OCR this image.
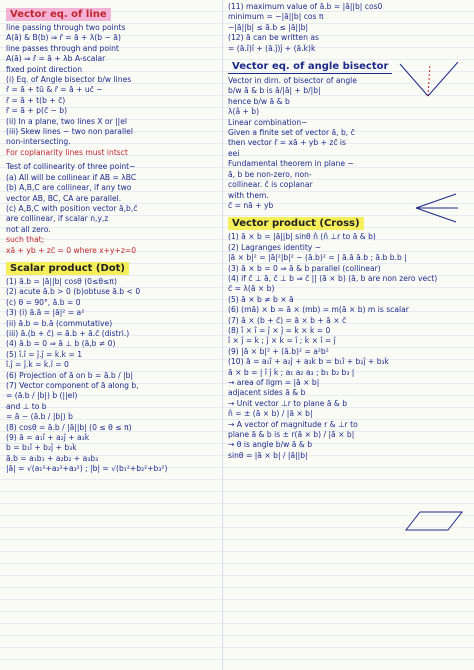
Vector eq. of line
line passing through two points
A(ā) & B(b̄) ⇒ r̄ = ā + λ(b̄ − ā)
line passes through and point
A(ā) ⇒ r̄ = ā + λb̄ A-scalar
fixed point direction
(i) Eq. of Angle bisector b/w lines
r̄ = ā + tū & r̄ = ā + uc̄ −
r̄ = ā + t(b̄ + c̄)
r̄ = ā + p(c̄ − b̄)
(ii) In a plane, two lines X or ||el
(iii) Skew lines − two non parallel
non-intersecting.
For coplanarity lines must intsct
Test of collinearity of three point−
(a) All will be collinear if AB = λBC
(b) A,B,C are collinear, if any two
vector AB, BC, CA are parallel.
(c) A,B,C with position vector ā,b̄,c̄
are collinear, if scalar n,y,z
not all zero.
such that;
xā + yb̄ + zc̄ = 0 where x+y+z=0
Scalar product (Dot)
(1) ā.b̄ = |ā||b̄| cosθ (0≤θ≤π)
(2) acute ā.b̄ > 0 (b)obtuse ā.b̄ < 0
(c) θ = 90°, ā.b̄ = 0
(3) (i) ā.ā = |ā|² = a²
(ii) ā.b̄ = b̄.ā (commutative)
(iii) ā.(b̄ + c̄) = ā.b̄ + ā.c̄ (distri.)
(4) ā.b̄ = 0 ⇒ ā ⊥ b̄ (ā,b̄ ≠ 0)
(5) î.î = ĵ.ĵ = k̂.k̂ = 1
î.ĵ = ĵ.k̂ = k̂.î = 0
(6) Projection of ā on b̄ = ā.b̄ / |b̄|
(7) Vector component of ā along b̄,
= (ā.b̄ / |b̄|) b̂ (||el)
and ⊥ to b̄
= ā − (ā.b̄ / |b̄|) b̂
(8) cosθ = ā.b̄ / |ā||b̄| (0 ≤ θ ≤ π)
(9) ā = a₁î + a₂ĵ + a₃k̂
b̄ = b₁î + b₂ĵ + b₃k̂
ā.b̄ = a₁b₁ + a₂b₂ + a₃b₃
|ā| = √(a₁²+a₂²+a₃²) ; |b̄| = √(b₁²+b₂²+b₃²)
(11) maximum value of ā.b̄ = |ā||b̄| cos0
minimum = −|ā||b̄| cos π
−|ā||b̄| ≤ ā.b̄ ≤ |ā||b̄|
(12) ā can be written as
= (ā.î)î + (ā.ĵ)ĵ + (ā.k̂)k̂
Vector eq. of angle bisector
Vector in dirn. of bisector of angle
b/w ā & b̄ is ā/|ā| + b̄/|b̄|
hence b/w ā & b̄
λ(â + b̂)
Linear combination−
Given a finite set of vector ā, b̄, c̄
then vector r̄ = xā + yb̄ + zc̄ is
eei
Fundamental theorem in plane −
ā, b̄ be non-zero, non-
collinear. c̄ is coplanar
with them.
c̄ = nā + yb̄
Vector product (Cross)
(1) ā × b̄ = |ā||b̄| sinθ n̂ (n̂ ⊥r to ā & b̄)
(2) Lagranges identity −
|ā × b̄|² = |ā|²|b̄|² − (ā.b̄)² = | ā.ā ā.b̄ ; ā.b̄ b̄.b̄ |
(3) ā × b̄ = 0 ⇒ ā & b̄ parallel (collinear)
(4) if c̄ ⊥ ā, c̄ ⊥ b̄ ⇒ c̄ || (ā × b̄) (ā, b̄ are non zero vect)
c̄ = λ(ā × b̄)
(5) ā × b̄ ≠ b̄ × ā
(6) (mā) × b̄ = ā × (mb̄) = m(ā × b̄) m is scalar
(7) ā × (b̄ + c̄) = ā × b̄ + ā × c̄
(8) î × î = ĵ × ĵ = k̂ × k̂ = 0
î × ĵ = k̂ ; ĵ × k̂ = î ; k̂ × î = ĵ
(9) |ā × b̄|² + (ā.b̄)² = a²b²
(10) ā = a₁î + a₂ĵ + a₃k̂ b̄ = b₁î + b₂ĵ + b₃k̂
ā × b̄ = | î ĵ k̂ ; a₁ a₂ a₃ ; b₁ b₂ b₃ |
→ area of llgm = |ā × b̄|
adjacent sides ā & b̄
→ Unit vector ⊥r to plane ā & b̄
n̂ = ± (ā × b̄) / |ā × b̄|
→ A vector of magnitude r & ⊥r to
plane ā & b̄ is ± r(ā × b̄) / |ā × b̄|
→ θ is angle b/w ā & b̄
sinθ = |ā × b̄| / |ā||b̄|
